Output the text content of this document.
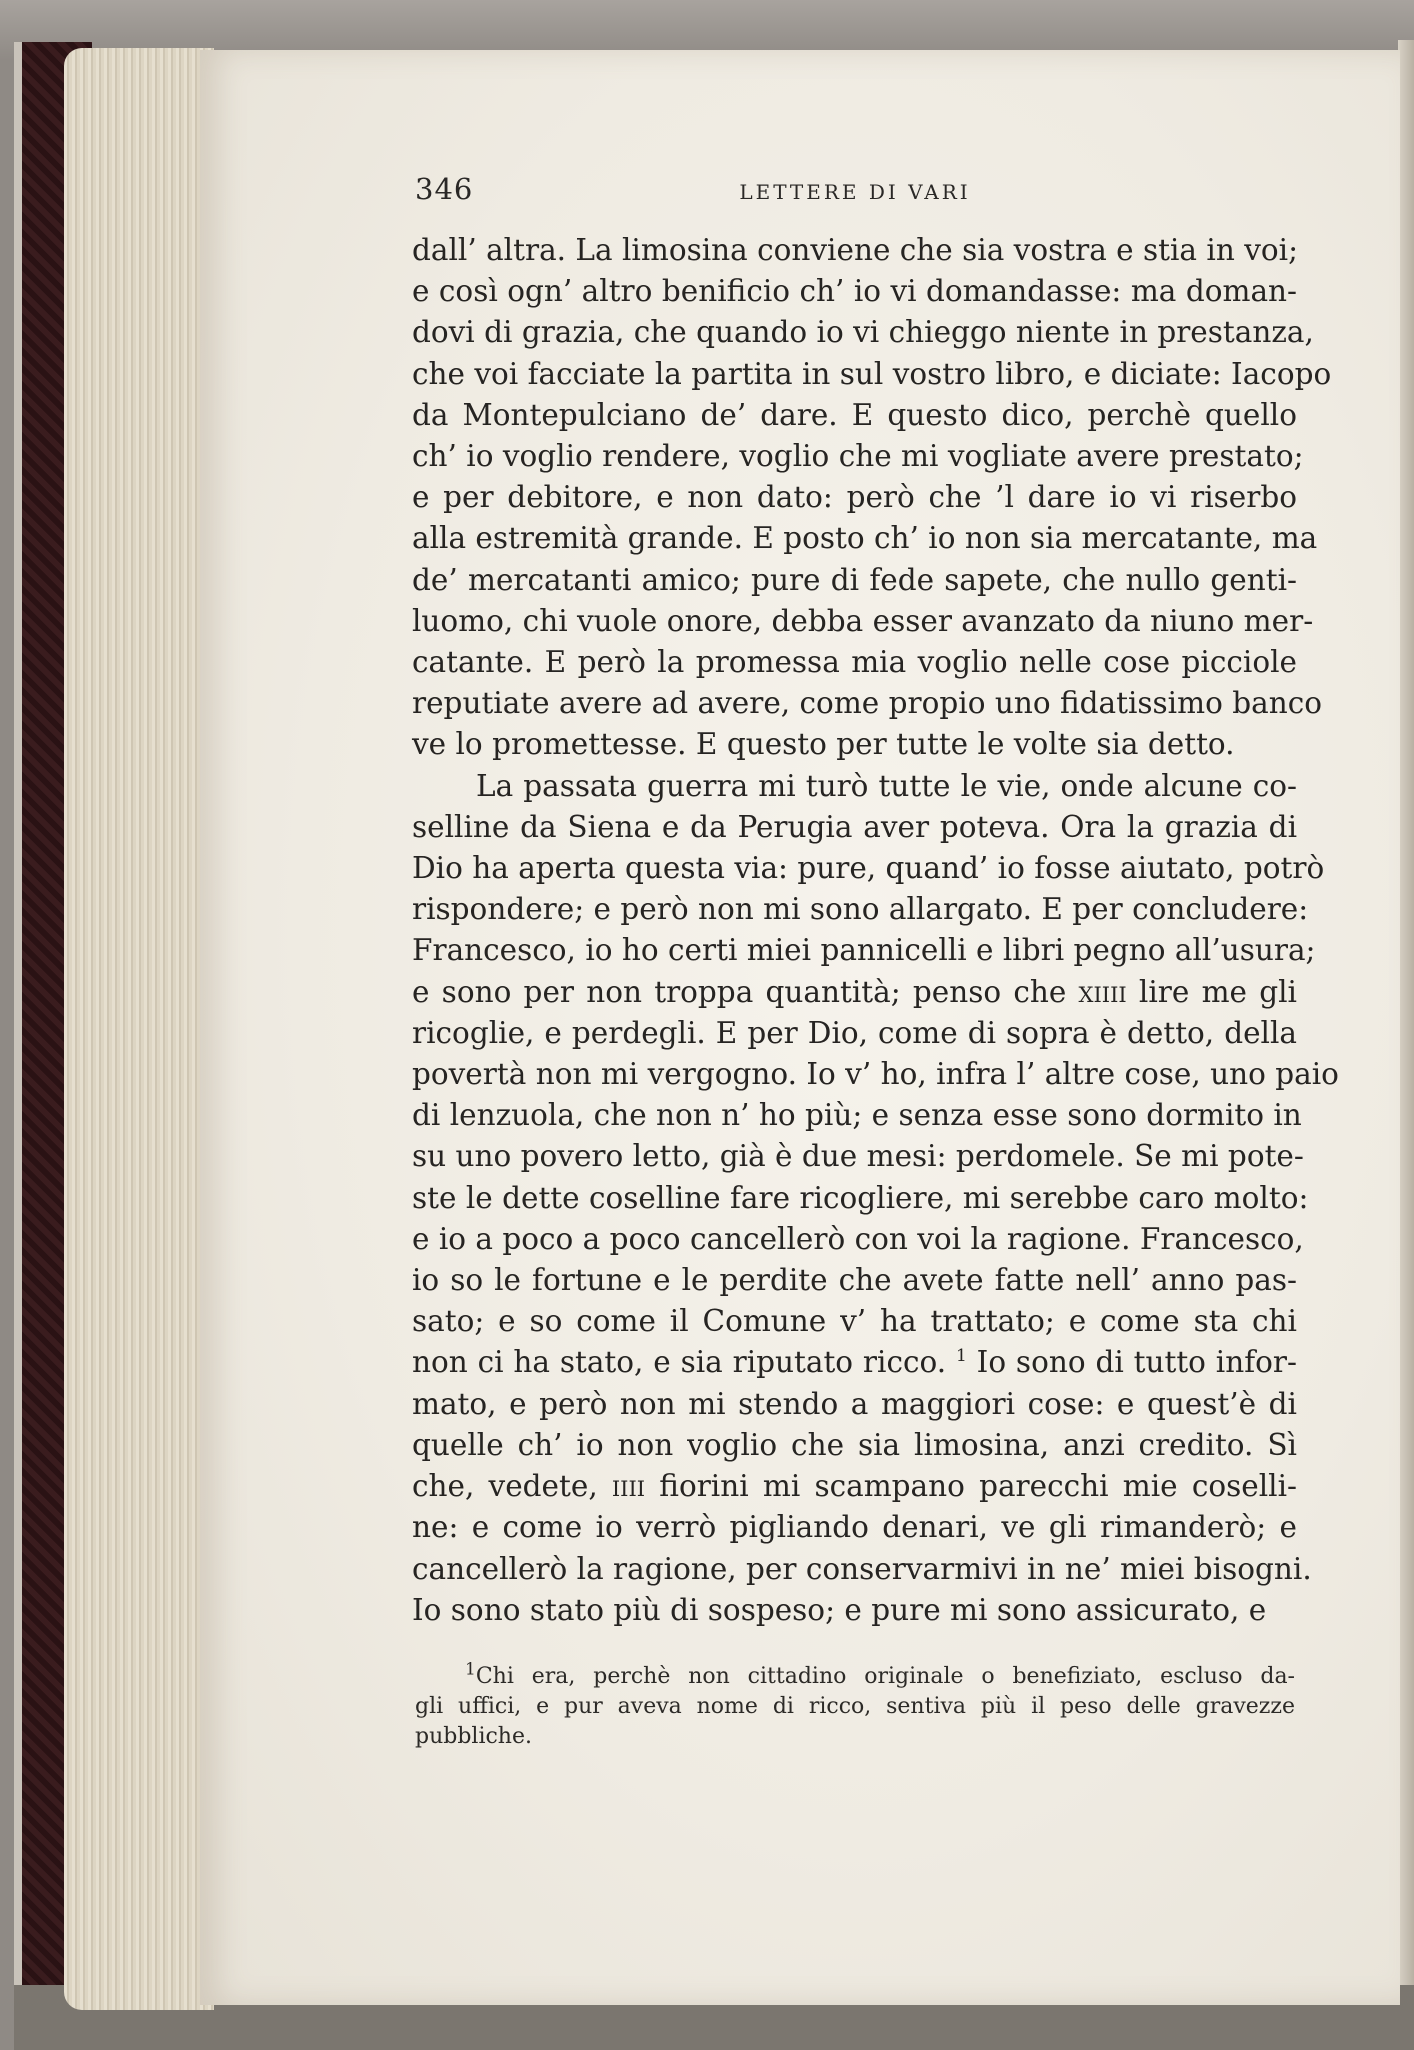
346	LETTERE DI VARI
dall’ altra. La limosina conviene che sia vostra e stia in voi;
e così ogn’ altro benificio ch’ io vi domandasse: ma doman-
dovi di grazia, che quando io vi chieggo niente in prestanza,
che voi facciate la partita in sul vostro libro, e diciate: Iacopo
da Montepulciano de’ dare. E questo dico, perchè quello
ch’ io voglio rendere, voglio che mi vogliate avere prestato;
e per debitore, e non dato: però che ’l dare io vi riserbo
alla estremità grande. E posto ch’ io non sia mercatante, ma
de’ mercatanti amico; pure di fede sapete, che nullo genti-
luomo, chi vuole onore, debba esser avanzato da niuno mer-
catante. E però la promessa mia voglio nelle cose picciole
reputiate avere ad avere, come propio uno fidatissimo banco
ve lo promettesse. E questo per tutte le volte sia detto.
La passata guerra mi turò tutte le vie, onde alcune co-
selline da Siena e da Perugia aver poteva. Ora la grazia di
Dio ha aperta questa via: pure, quand’ io fosse aiutato, potrò
rispondere; e però non mi sono allargato. E per concludere:
Francesco, io ho certi miei pannicelli e libri pegno all’usura;
e sono per non troppa quantità; penso che xiiii lire me gli
ricoglie, e perdegli. E per Dio, come di sopra è detto, della
povertà non mi vergogno. Io v’ ho, infra l’ altre cose, uno paio
di lenzuola, che non n’ ho più; e senza esse sono dormito in
su uno povero letto, già è due mesi: perdomele. Se mi pote-
ste le dette coselline fare ricogliere, mi serebbe caro molto:
e io a poco a poco cancellerò con voi la ragione. Francesco,
io so le fortune e le perdite che avete fatte nell’ anno pas-
sato; e so come il Comune v’ ha trattato; e come sta chi
non ci ha stato, e sia riputato ricco. $^1$ Io sono di tutto infor-
mato, e però non mi stendo a maggiori cose: e quest’è di
quelle ch’ io non voglio che sia limosina, anzi credito. Sì
che, vedete, iiii fiorini mi scampano parecchi mie coselli-
ne: e come io verrò pigliando denari, ve gli rimanderò; e
cancellerò la ragione, per conservarmivi in ne’ miei bisogni.
Io sono stato più di sospeso; e pure mi sono assicurato, e
$^1$Chi era, perchè non cittadino originale o benefiziato, escluso da-
gli uffici, e pur aveva nome di ricco, sentiva più il peso delle gravezze
pubbliche.
